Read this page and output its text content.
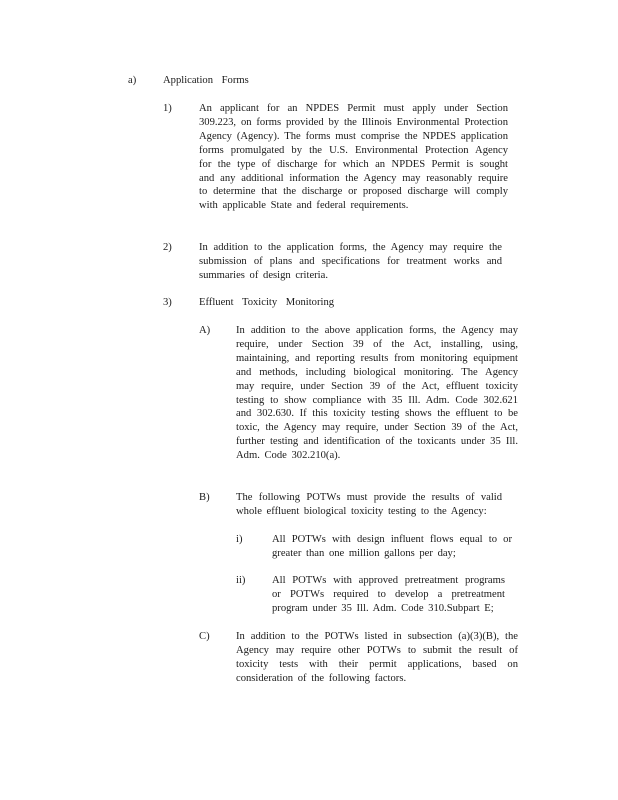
a)	Application Forms
1)	An applicant for an NPDES Permit must apply under Section 309.223, on forms provided by the Illinois Environmental Protection Agency (Agency). The forms must comprise the NPDES application forms promulgated by the U.S. Environmental Protection Agency for the type of discharge for which an NPDES Permit is sought and any additional information the Agency may reasonably require to determine that the discharge or proposed discharge will comply with applicable State and federal requirements.
2)	In addition to the application forms, the Agency may require the submission of plans and specifications for treatment works and summaries of design criteria.
3)	Effluent Toxicity Monitoring
A) In addition to the above application forms, the Agency may require, under Section 39 of the Act, installing, using, maintaining, and reporting results from monitoring equipment and methods, including biological monitoring. The Agency may require, under Section 39 of the Act, effluent toxicity testing to show compliance with 35 Ill. Adm. Code 302.621 and 302.630. If this toxicity testing shows the effluent to be toxic, the Agency may require, under Section 39 of the Act, further testing and identification of the toxicants under 35 Ill. Adm. Code 302.210(a).
B) The following POTWs must provide the results of valid whole effluent biological toxicity testing to the Agency:
i)	All POTWs with design influent flows equal to or greater than one million gallons per day;
ii)	All POTWs with approved pretreatment programs or POTWs required to develop a pretreatment program under 35 Ill. Adm. Code 310.Subpart E;
C) In addition to the POTWs listed in subsection (a)(3)(B), the Agency may require other POTWs to submit the result of toxicity tests with their permit applications, based on consideration of the following factors.
